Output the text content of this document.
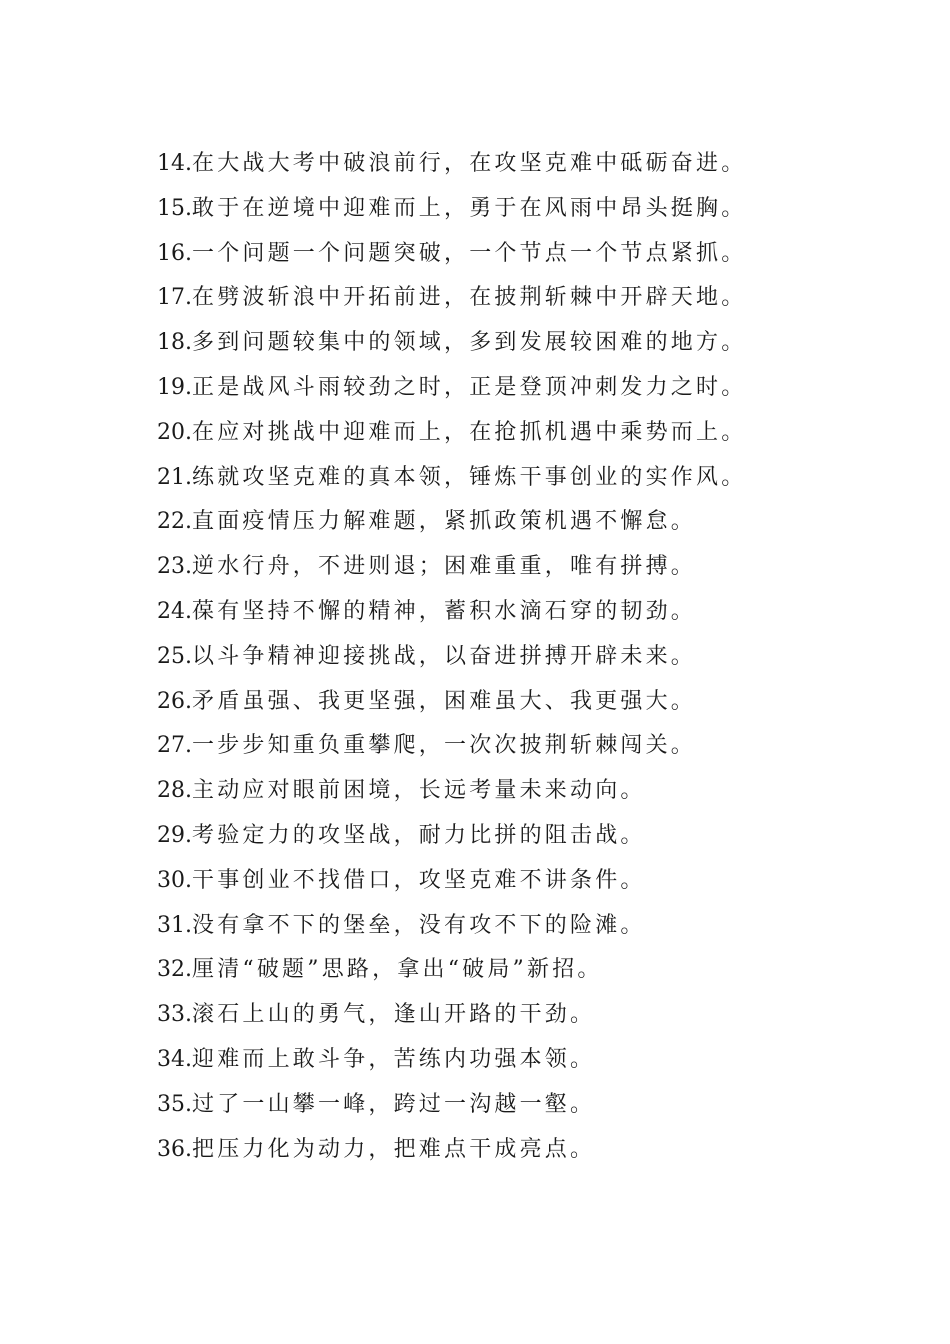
14. 在大战大考中破浪前行，在攻坚克难中砥砺奋进。
15. 敢于在逆境中迎难而上，勇于在风雨中昂头挺胸。
16. 一个问题一个问题突破，一个节点一个节点紧抓。
17. 在劈波斩浪中开拓前进，在披荆斩棘中开辟天地。
18. 多到问题较集中的领域，多到发展较困难的地方。
19. 正是战风斗雨较劲之时，正是登顶冲刺发力之时。
20. 在应对挑战中迎难而上，在抢抓机遇中乘势而上。
21. 练就攻坚克难的真本领，锤炼干事创业的实作风。
22. 直面疫情压力解难题，紧抓政策机遇不懈怠。
23. 逆水行舟，不进则退；困难重重，唯有拼搏。
24. 葆有坚持不懈的精神，蓄积水滴石穿的韧劲。
25. 以斗争精神迎接挑战，以奋进拼搏开辟未来。
26. 矛盾虽强、我更坚强，困难虽大、我更强大。
27. 一步步知重负重攀爬，一次次披荆斩棘闯关。
28. 主动应对眼前困境，长远考量未来动向。
29. 考验定力的攻坚战，耐力比拼的阻击战。
30. 干事创业不找借口，攻坚克难不讲条件。
31. 没有拿不下的堡垒，没有攻不下的险滩。
32. 厘清“破题”思路，拿出“破局”新招。
33. 滚石上山的勇气，逢山开路的干劲。
34. 迎难而上敢斗争，苦练内功强本领。
35. 过了一山攀一峰，跨过一沟越一壑。
36. 把压力化为动力，把难点干成亮点。
